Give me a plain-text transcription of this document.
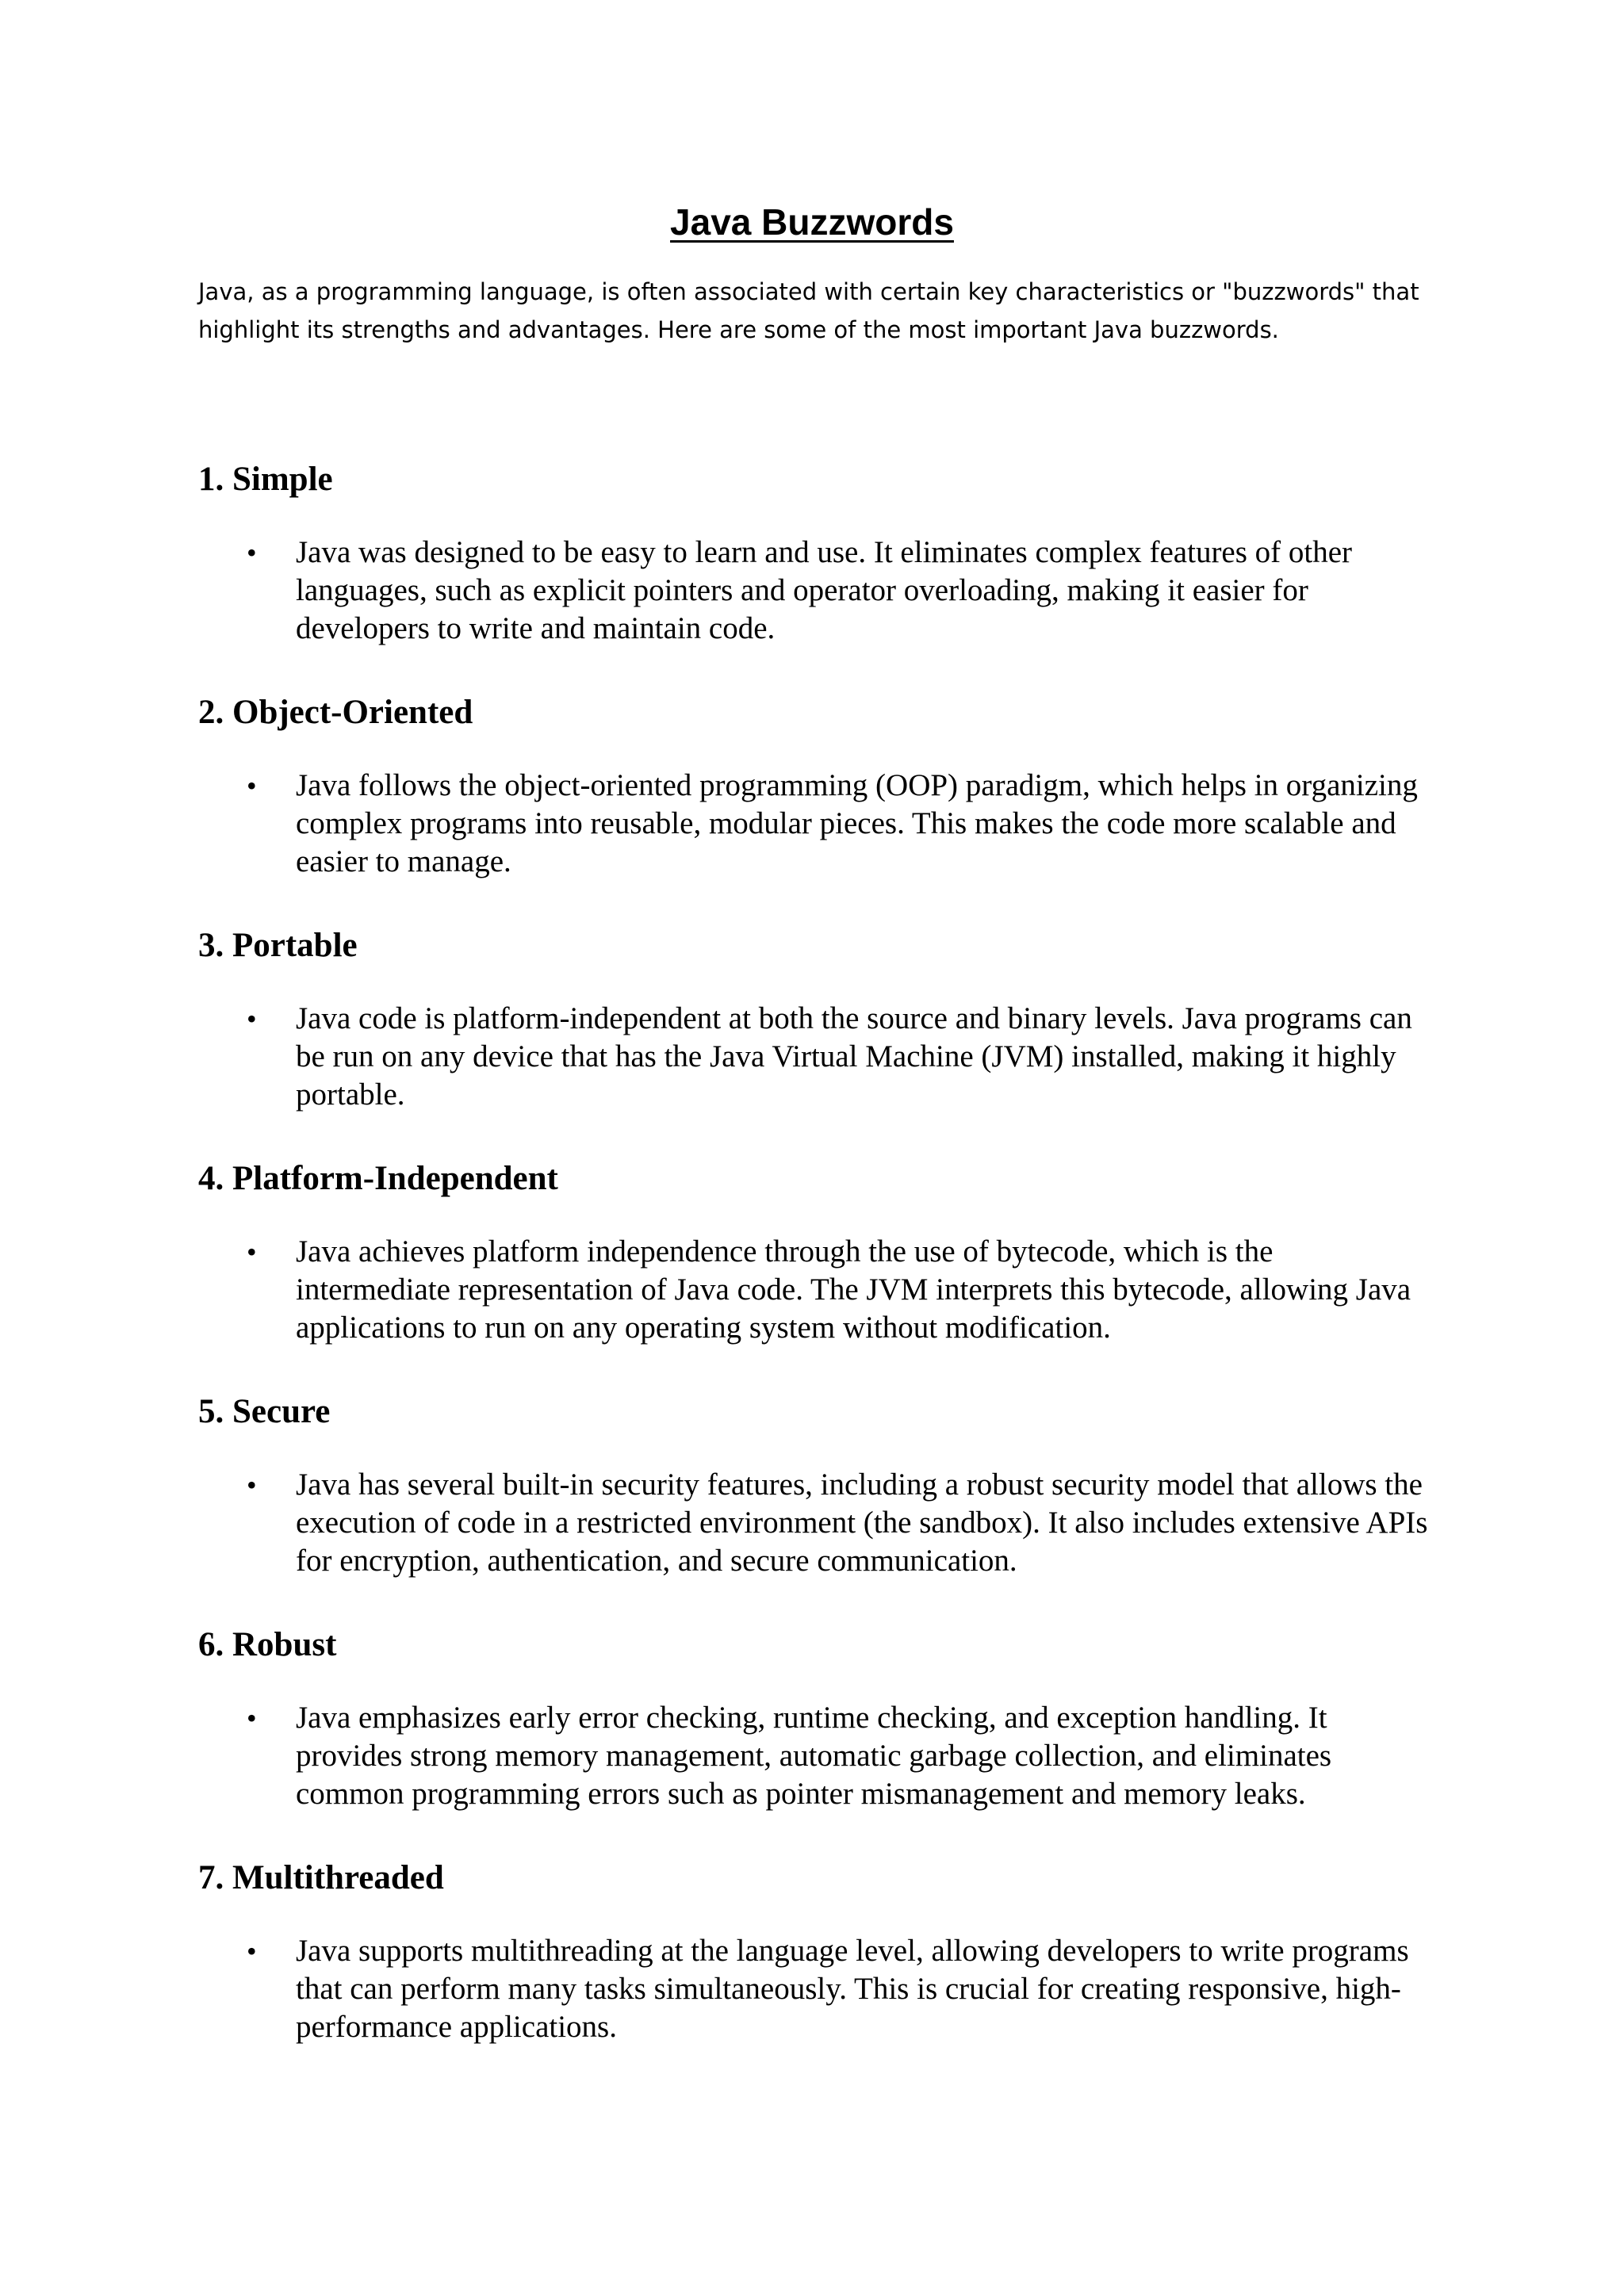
Java Buzzwords

Java, as a programming language, is often associated with certain key characteristics or "buzzwords" that highlight its strengths and advantages. Here are some of the most important Java buzzwords.

1. Simple
• Java was designed to be easy to learn and use. It eliminates complex features of other languages, such as explicit pointers and operator overloading, making it easier for developers to write and maintain code.

2. Object-Oriented
• Java follows the object-oriented programming (OOP) paradigm, which helps in organizing complex programs into reusable, modular pieces. This makes the code more scalable and easier to manage.

3. Portable
• Java code is platform-independent at both the source and binary levels. Java programs can be run on any device that has the Java Virtual Machine (JVM) installed, making it highly portable.

4. Platform-Independent
• Java achieves platform independence through the use of bytecode, which is the intermediate representation of Java code. The JVM interprets this bytecode, allowing Java applications to run on any operating system without modification.

5. Secure
• Java has several built-in security features, including a robust security model that allows the execution of code in a restricted environment (the sandbox). It also includes extensive APIs for encryption, authentication, and secure communication.

6. Robust
• Java emphasizes early error checking, runtime checking, and exception handling. It provides strong memory management, automatic garbage collection, and eliminates common programming errors such as pointer mismanagement and memory leaks.

7. Multithreaded
• Java supports multithreading at the language level, allowing developers to write programs that can perform many tasks simultaneously. This is crucial for creating responsive, high-performance applications.
